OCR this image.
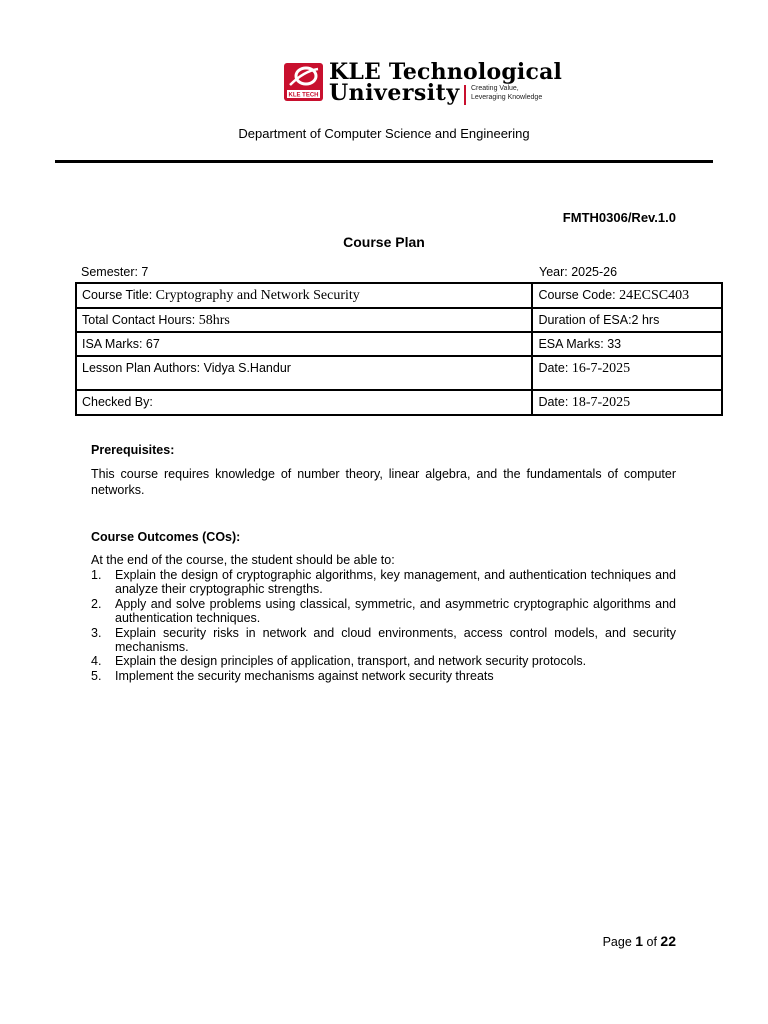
KLE TECH
KLE Technological
University Creating Value,
Leveraging Knowledge
Department of Computer Science and Engineering
FMTH0306/Rev.1.0
Course Plan
Semester: 7	Year: 2025-26
Course Title: Cryptography and Network Security	Course Code: 24ECSC403
Total Contact Hours: 58hrs	Duration of ESA:2 hrs
ISA Marks: 67	ESA Marks: 33
Lesson Plan Authors: Vidya S.Handur	Date: 16-7-2025
Checked By:	Date: 18-7-2025
Prerequisites:
This course requires knowledge of number theory, linear algebra, and the fundamentals of computer networks.
Course Outcomes (COs):
At the end of the course, the student should be able to:
1. Explain the design of cryptographic algorithms, key management, and authentication techniques and analyze their cryptographic strengths.
2. Apply and solve problems using classical, symmetric, and asymmetric cryptographic algorithms and authentication techniques.
3. Explain security risks in network and cloud environments, access control models, and security mechanisms.
4. Explain the design principles of application, transport, and network security protocols.
5. Implement the security mechanisms against network security threats
Page 1 of 22
